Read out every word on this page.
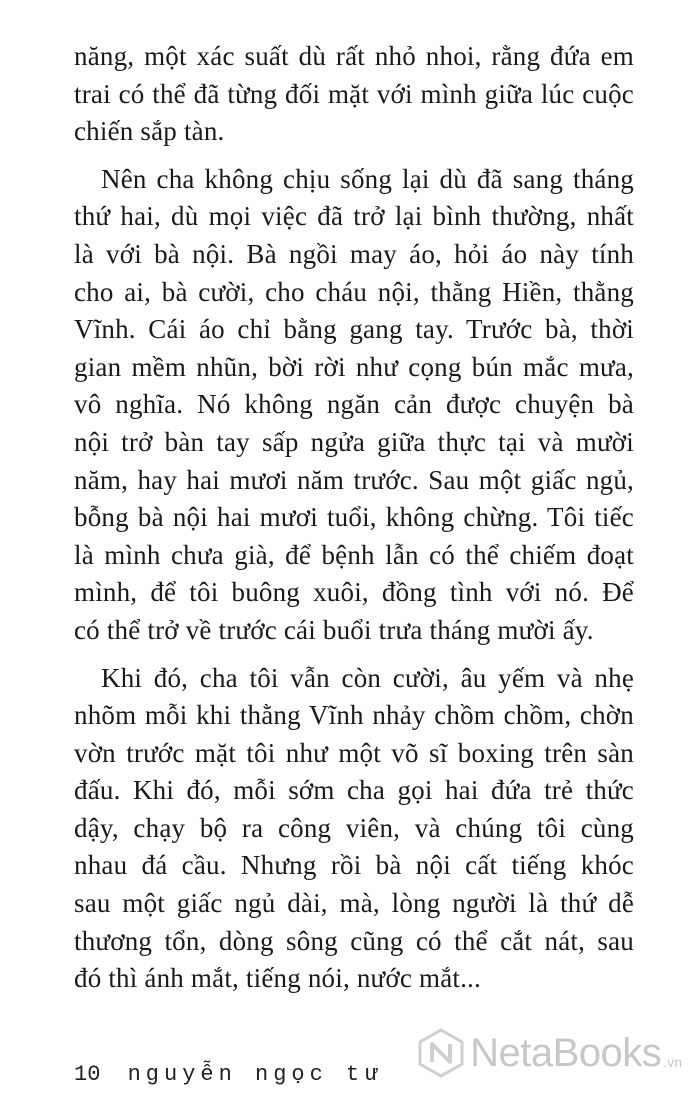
năng, một xác suất dù rất nhỏ nhoi, rằng đứa em
trai có thể đã từng đối mặt với mình giữa lúc cuộc
chiến sắp tàn.

Nên cha không chịu sống lại dù đã sang tháng
thứ hai, dù mọi việc đã trở lại bình thường, nhất
là với bà nội. Bà ngồi may áo, hỏi áo này tính
cho ai, bà cười, cho cháu nội, thằng Hiền, thằng
Vĩnh. Cái áo chỉ bằng gang tay. Trước bà, thời
gian mềm nhũn, bời rời như cọng bún mắc mưa,
vô nghĩa. Nó không ngăn cản được chuyện bà
nội trở bàn tay sấp ngửa giữa thực tại và mười
năm, hay hai mươi năm trước. Sau một giấc ngủ,
bỗng bà nội hai mươi tuổi, không chừng. Tôi tiếc
là mình chưa già, để bệnh lẫn có thể chiếm đoạt
mình, để tôi buông xuôi, đồng tình với nó. Để
có thể trở về trước cái buổi trưa tháng mười ấy.

Khi đó, cha tôi vẫn còn cười, âu yếm và nhẹ
nhõm mỗi khi thằng Vĩnh nhảy chồm chồm, chờn
vờn trước mặt tôi như một võ sĩ boxing trên sàn
đấu. Khi đó, mỗi sớm cha gọi hai đứa trẻ thức
dậy, chạy bộ ra công viên, và chúng tôi cùng
nhau đá cầu. Nhưng rồi bà nội cất tiếng khóc
sau một giấc ngủ dài, mà, lòng người là thứ dễ
thương tổn, dòng sông cũng có thể cắt nát, sau
đó thì ánh mắt, tiếng nói, nước mắt...

10 nguyễn ngọc tư NetaBooks .vn
